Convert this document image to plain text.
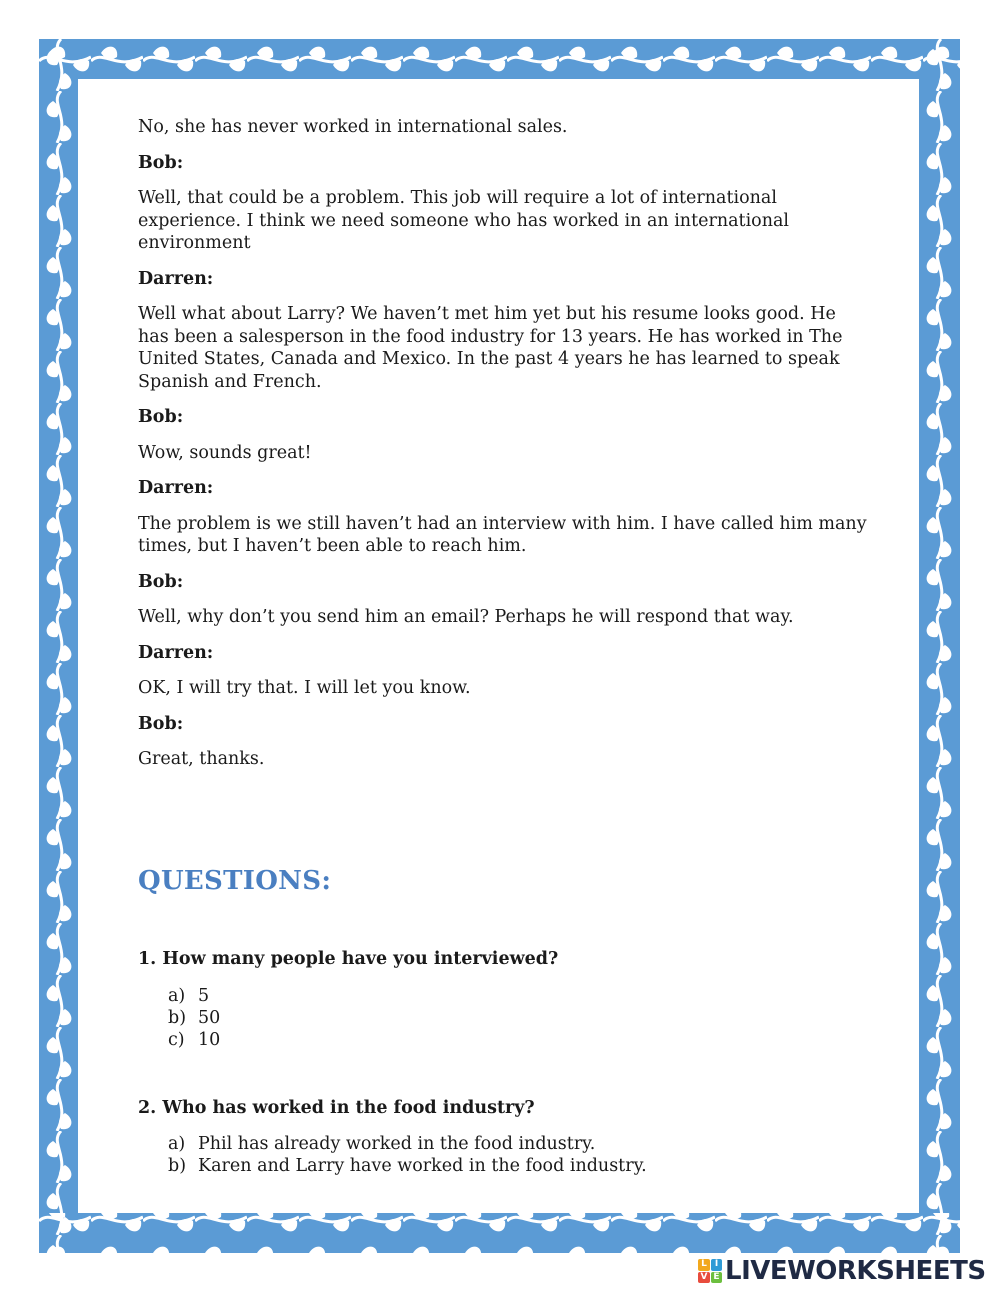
No, she has never worked in international sales.

Bob:

Well, that could be a problem. This job will require a lot of international experience. I think we need someone who has worked in an international environment

Darren:

Well what about Larry? We haven’t met him yet but his resume looks good. He has been a salesperson in the food industry for 13 years. He has worked in The United States, Canada and Mexico. In the past 4 years he has learned to speak Spanish and French.

Bob:

Wow, sounds great!

Darren:

The problem is we still haven’t had an interview with him. I have called him many times, but I haven’t been able to reach him.

Bob:

Well, why don’t you send him an email? Perhaps he will respond that way.

Darren:

OK, I will try that. I will let you know.

Bob:

Great, thanks.

QUESTIONS:
1. How many people have you interviewed?
a) 5
b) 50
c) 10
2. Who has worked in the food industry?
a) Phil has already worked in the food industry.
b) Karen and Larry have worked in the food industry.
L I
V E LIVEWORKSHEETS
